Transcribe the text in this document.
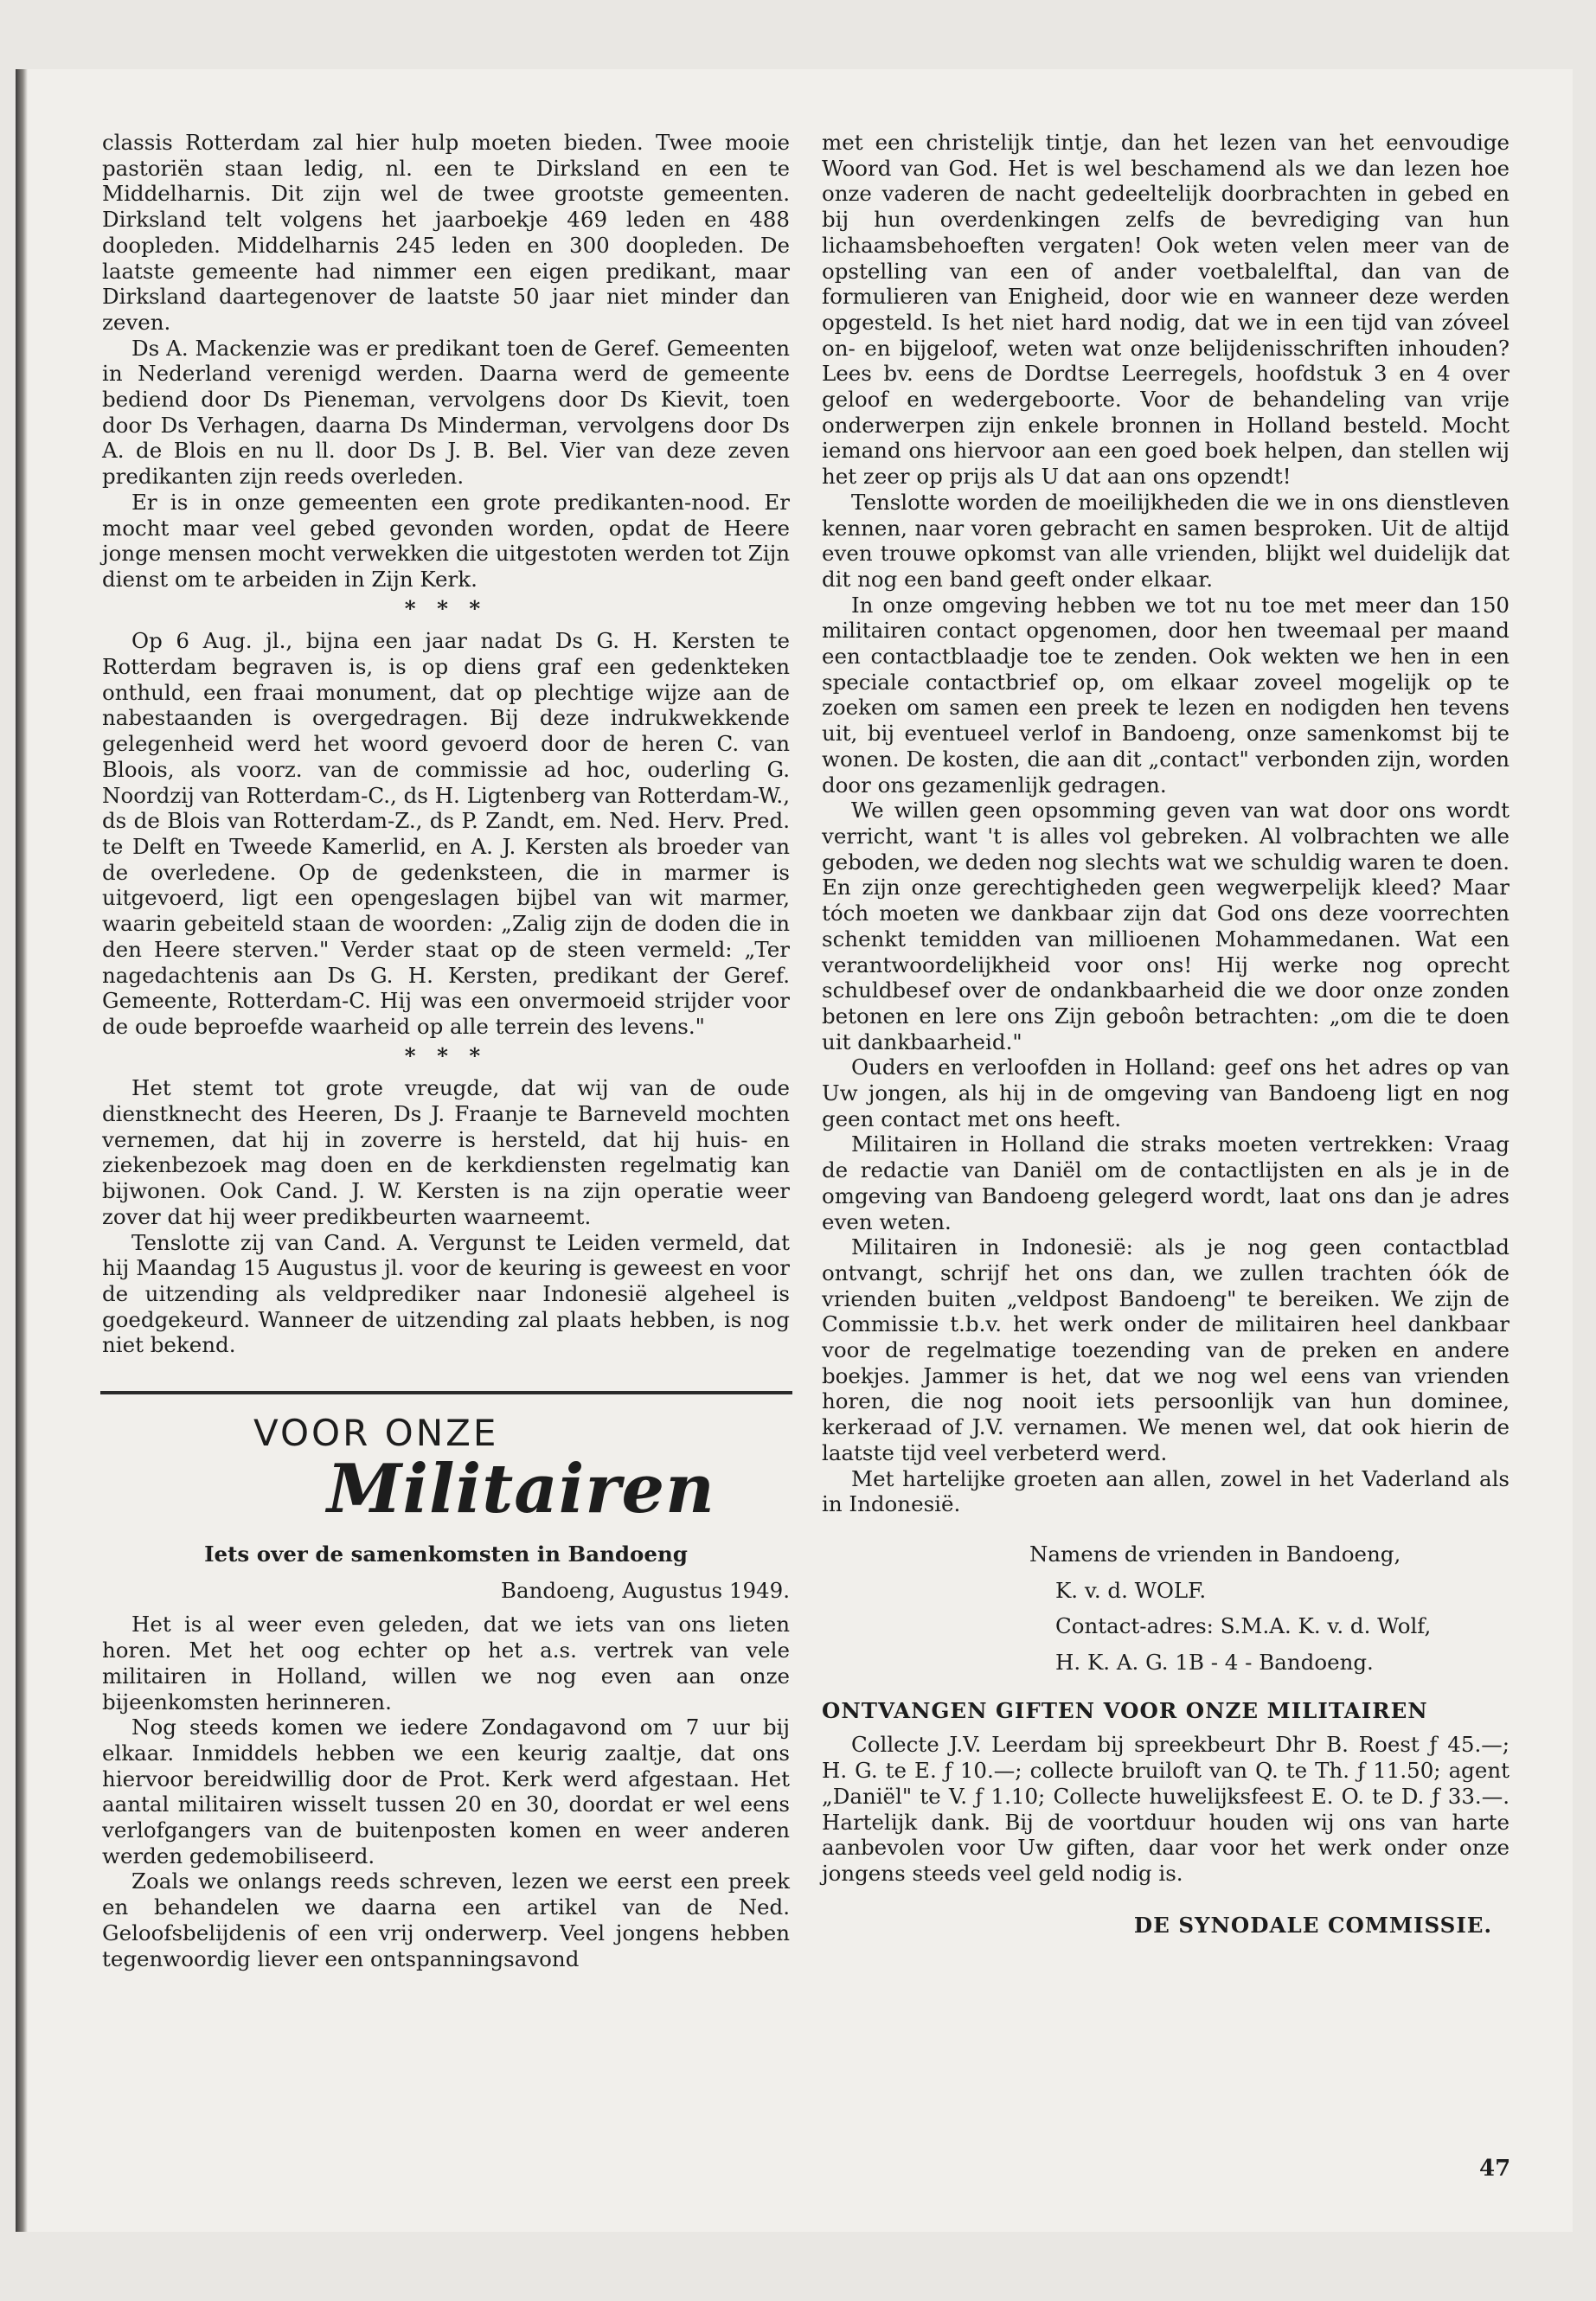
classis Rotterdam zal hier hulp moeten bieden. Twee mooie pastoriën staan ledig, nl. een te Dirksland en een te Middelharnis. Dit zijn wel de twee grootste gemeenten. Dirksland telt volgens het jaarboekje 469 leden en 488 doopleden. Middelharnis 245 leden en 300 doopleden. De laatste gemeente had nimmer een eigen predikant, maar Dirksland daartegenover de laatste 50 jaar niet minder dan zeven.

Ds A. Mackenzie was er predikant toen de Geref. Gemeenten in Nederland verenigd werden. Daarna werd de gemeente bediend door Ds Pieneman, vervolgens door Ds Kievit, toen door Ds Verhagen, daarna Ds Minderman, vervolgens door Ds A. de Blois en nu ll. door Ds J. B. Bel. Vier van deze zeven predikanten zijn reeds overleden.

Er is in onze gemeenten een grote predikanten-nood. Er mocht maar veel gebed gevonden worden, opdat de Heere jonge mensen mocht verwekken die uitgestoten werden tot Zijn dienst om te arbeiden in Zijn Kerk.

* * *

Op 6 Aug. jl., bijna een jaar nadat Ds G. H. Kersten te Rotterdam begraven is, is op diens graf een gedenkteken onthuld, een fraai monument, dat op plechtige wijze aan de nabestaanden is overgedragen. Bij deze indrukwekkende gelegenheid werd het woord gevoerd door de heren C. van Bloois, als voorz. van de commissie ad hoc, ouderling G. Noordzij van Rotterdam-C., ds H. Ligtenberg van Rotterdam-W., ds de Blois van Rotterdam-Z., ds P. Zandt, em. Ned. Herv. Pred. te Delft en Tweede Kamerlid, en A. J. Kersten als broeder van de overledene. Op de gedenksteen, die in marmer is uitgevoerd, ligt een opengeslagen bijbel van wit marmer, waarin gebeiteld staan de woorden: „Zalig zijn de doden die in den Heere sterven." Verder staat op de steen vermeld: „Ter nagedachtenis aan Ds G. H. Kersten, predikant der Geref. Gemeente, Rotterdam-C. Hij was een onvermoeid strijder voor de oude beproefde waarheid op alle terrein des levens."

* * *

Het stemt tot grote vreugde, dat wij van de oude dienstknecht des Heeren, Ds J. Fraanje te Barneveld mochten vernemen, dat hij in zoverre is hersteld, dat hij huis- en ziekenbezoek mag doen en de kerkdiensten regelmatig kan bijwonen. Ook Cand. J. W. Kersten is na zijn operatie weer zover dat hij weer predikbeurten waarneemt.

Tenslotte zij van Cand. A. Vergunst te Leiden vermeld, dat hij Maandag 15 Augustus jl. voor de keuring is geweest en voor de uitzending als veldprediker naar Indonesië algeheel is goedgekeurd. Wanneer de uitzending zal plaats hebben, is nog niet bekend.

VOOR ONZE
Militairen
Iets over de samenkomsten in Bandoeng
Bandoeng, Augustus 1949.

Het is al weer even geleden, dat we iets van ons lieten horen. Met het oog echter op het a.s. vertrek van vele militairen in Holland, willen we nog even aan onze bijeenkomsten herinneren.

Nog steeds komen we iedere Zondagavond om 7 uur bij elkaar. Inmiddels hebben we een keurig zaaltje, dat ons hiervoor bereidwillig door de Prot. Kerk werd afgestaan. Het aantal militairen wisselt tussen 20 en 30, doordat er wel eens verlofgangers van de buitenposten komen en weer anderen werden gedemobiliseerd.

Zoals we onlangs reeds schreven, lezen we eerst een preek en behandelen we daarna een artikel van de Ned. Geloofsbelijdenis of een vrij onderwerp. Veel jongens hebben tegenwoordig liever een ontspanningsavond

met een christelijk tintje, dan het lezen van het eenvoudige Woord van God. Het is wel beschamend als we dan lezen hoe onze vaderen de nacht gedeeltelijk doorbrachten in gebed en bij hun overdenkingen zelfs de bevrediging van hun lichaamsbehoeften vergaten! Ook weten velen meer van de opstelling van een of ander voetbalelftal, dan van de formulieren van Enigheid, door wie en wanneer deze werden opgesteld. Is het niet hard nodig, dat we in een tijd van zóveel on- en bijgeloof, weten wat onze belijdenisschriften inhouden? Lees bv. eens de Dordtse Leerregels, hoofdstuk 3 en 4 over geloof en wedergeboorte. Voor de behandeling van vrije onderwerpen zijn enkele bronnen in Holland besteld. Mocht iemand ons hiervoor aan een goed boek helpen, dan stellen wij het zeer op prijs als U dat aan ons opzendt!

Tenslotte worden de moeilijkheden die we in ons dienstleven kennen, naar voren gebracht en samen besproken. Uit de altijd even trouwe opkomst van alle vrienden, blijkt wel duidelijk dat dit nog een band geeft onder elkaar.

In onze omgeving hebben we tot nu toe met meer dan 150 militairen contact opgenomen, door hen tweemaal per maand een contactblaadje toe te zenden. Ook wekten we hen in een speciale contactbrief op, om elkaar zoveel mogelijk op te zoeken om samen een preek te lezen en nodigden hen tevens uit, bij eventueel verlof in Bandoeng, onze samenkomst bij te wonen. De kosten, die aan dit „contact" verbonden zijn, worden door ons gezamenlijk gedragen.

We willen geen opsomming geven van wat door ons wordt verricht, want 't is alles vol gebreken. Al volbrachten we alle geboden, we deden nog slechts wat we schuldig waren te doen. En zijn onze gerechtigheden geen wegwerpelijk kleed? Maar tóch moeten we dankbaar zijn dat God ons deze voorrechten schenkt temidden van millioenen Mohammedanen. Wat een verantwoordelijkheid voor ons! Hij werke nog oprecht schuldbesef over de ondankbaarheid die we door onze zonden betonen en lere ons Zijn geboôn betrachten: „om die te doen uit dankbaarheid."

Ouders en verloofden in Holland: geef ons het adres op van Uw jongen, als hij in de omgeving van Bandoeng ligt en nog geen contact met ons heeft.

Militairen in Holland die straks moeten vertrekken: Vraag de redactie van Daniël om de contactlijsten en als je in de omgeving van Bandoeng gelegerd wordt, laat ons dan je adres even weten.

Militairen in Indonesië: als je nog geen contactblad ontvangt, schrijf het ons dan, we zullen trachten óók de vrienden buiten „veldpost Bandoeng" te bereiken. We zijn de Commissie t.b.v. het werk onder de militairen heel dankbaar voor de regelmatige toezending van de preken en andere boekjes. Jammer is het, dat we nog wel eens van vrienden horen, die nog nooit iets persoonlijk van hun dominee, kerkeraad of J.V. vernamen. We menen wel, dat ook hierin de laatste tijd veel verbeterd werd.

Met hartelijke groeten aan allen, zowel in het Vaderland als in Indonesië.

Namens de vrienden in Bandoeng,
K. v. d. WOLF.
Contact-adres: S.M.A. K. v. d. Wolf,
H. K. A. G. 1B - 4 - Bandoeng.
ONTVANGEN GIFTEN VOOR ONZE MILITAIREN

Collecte J.V. Leerdam bij spreekbeurt Dhr B. Roest ƒ 45.—; H. G. te E. ƒ 10.—; collecte bruiloft van Q. te Th. ƒ 11.50; agent „Daniël" te V. ƒ 1.10; Collecte huwelijksfeest E. O. te D. ƒ 33.—. Hartelijk dank. Bij de voortduur houden wij ons van harte aanbevolen voor Uw giften, daar voor het werk onder onze jongens steeds veel geld nodig is.

DE SYNODALE COMMISSIE.
47
